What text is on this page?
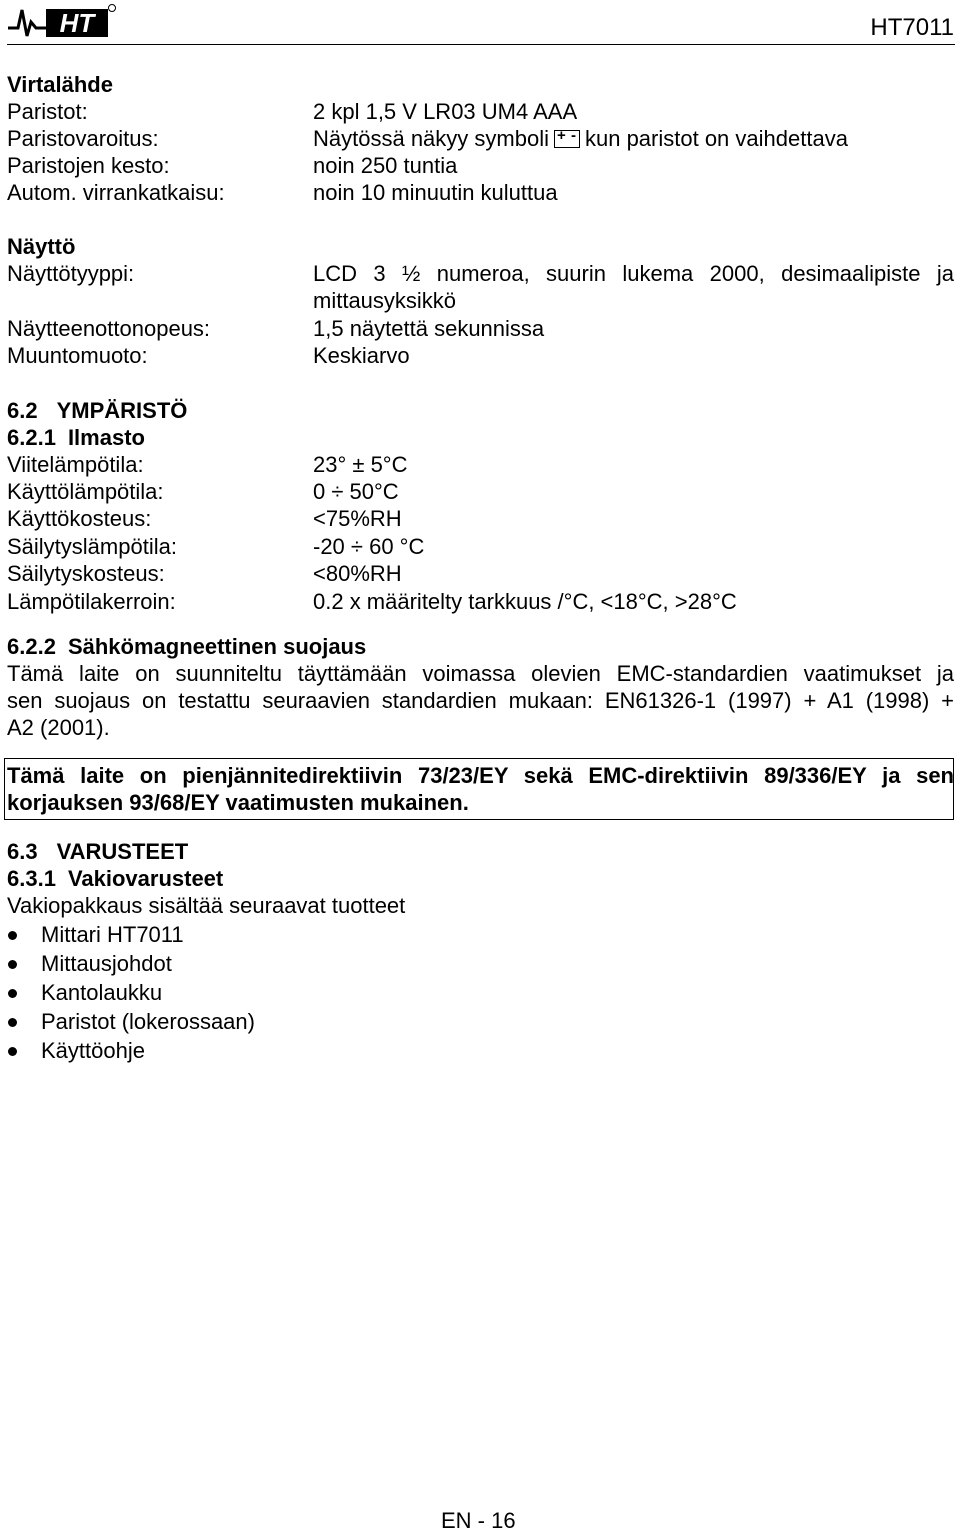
HT	HT7011
Virtalähde
Paristot:	2 kpl 1,5 V LR03 UM4 AAA
Paristovaroitus:	Näytössä näkyy symboli + - kun paristot on vaihdettava
Paristojen kesto:	noin 250 tuntia
Autom. virrankatkaisu:	noin 10 minuutin kuluttua
Näyttö
Näyttötyyppi:	LCD 3 ½ numeroa, suurin lukema 2000, desimaalipiste ja
mittausyksikkö
Näytteenottonopeus:	1,5 näytettä sekunnissa
Muuntomuoto:	Keskiarvo
6.2 YMPÄRISTÖ
6.2.1 Ilmasto
Viitelämpötila:	23° ± 5°C
Käyttölämpötila:	0 ÷ 50°C
Käyttökosteus:	<75%RH
Säilytyslämpötila:	-20 ÷ 60 °C
Säilytyskosteus:	<80%RH
Lämpötilakerroin:	0.2 x määritelty tarkkuus /°C, <18°C, >28°C
6.2.2 Sähkömagneettinen suojaus
Tämä laite on suunniteltu täyttämään voimassa olevien EMC-standardien vaatimukset ja
sen suojaus on testattu seuraavien standardien mukaan: EN61326-1 (1997) + A1 (1998) +
A2 (2001).
Tämä laite on pienjännitedirektiivin 73/23/EY sekä EMC-direktiivin 89/336/EY ja sen
korjauksen 93/68/EY vaatimusten mukainen.
6.3 VARUSTEET
6.3.1 Vakiovarusteet
Vakiopakkaus sisältää seuraavat tuotteet
Mittari HT7011
Mittausjohdot
Kantolaukku
Paristot (lokerossaan)
Käyttöohje
EN - 16
